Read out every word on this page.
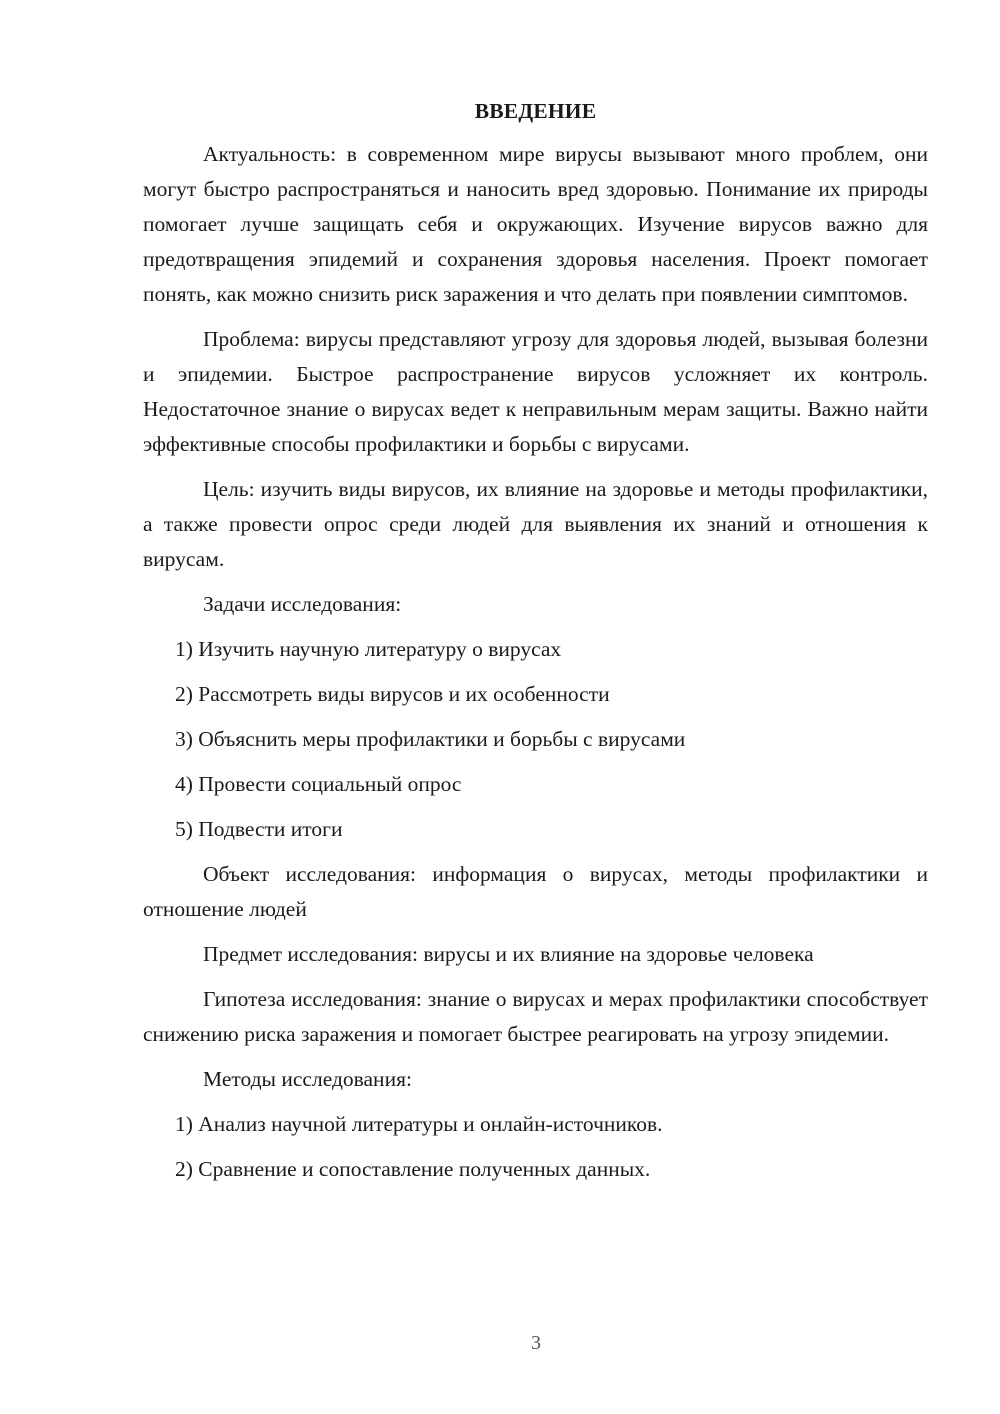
ВВЕДЕНИЕ

Актуальность: в современном мире вирусы вызывают много проблем, они могут быстро распространяться и наносить вред здоровью. Понимание их природы помогает лучше защищать себя и окружающих. Изучение вирусов важно для предотвращения эпидемий и сохранения здоровья населения. Проект помогает понять, как можно снизить риск заражения и что делать при появлении симптомов.

Проблема: вирусы представляют угрозу для здоровья людей, вызывая болезни и эпидемии. Быстрое распространение вирусов усложняет их контроль. Недостаточное знание о вирусах ведет к неправильным мерам защиты. Важно найти эффективные способы профилактики и борьбы с вирусами.

Цель: изучить виды вирусов, их влияние на здоровье и методы профилактики, а также провести опрос среди людей для выявления их знаний и отношения к вирусам.

Задачи исследования:

1) Изучить научную литературу о вирусах
2) Рассмотреть виды вирусов и их особенности
3) Объяснить меры профилактики и борьбы с вирусами
4) Провести социальный опрос
5) Подвести итоги

Объект исследования: информация о вирусах, методы профилактики и отношение людей

Предмет исследования: вирусы и их влияние на здоровье человека

Гипотеза исследования: знание о вирусах и мерах профилактики способствует снижению риска заражения и помогает быстрее реагировать на угрозу эпидемии.

Методы исследования:

1) Анализ научной литературы и онлайн-источников.
2) Сравнение и сопоставление полученных данных.
3
